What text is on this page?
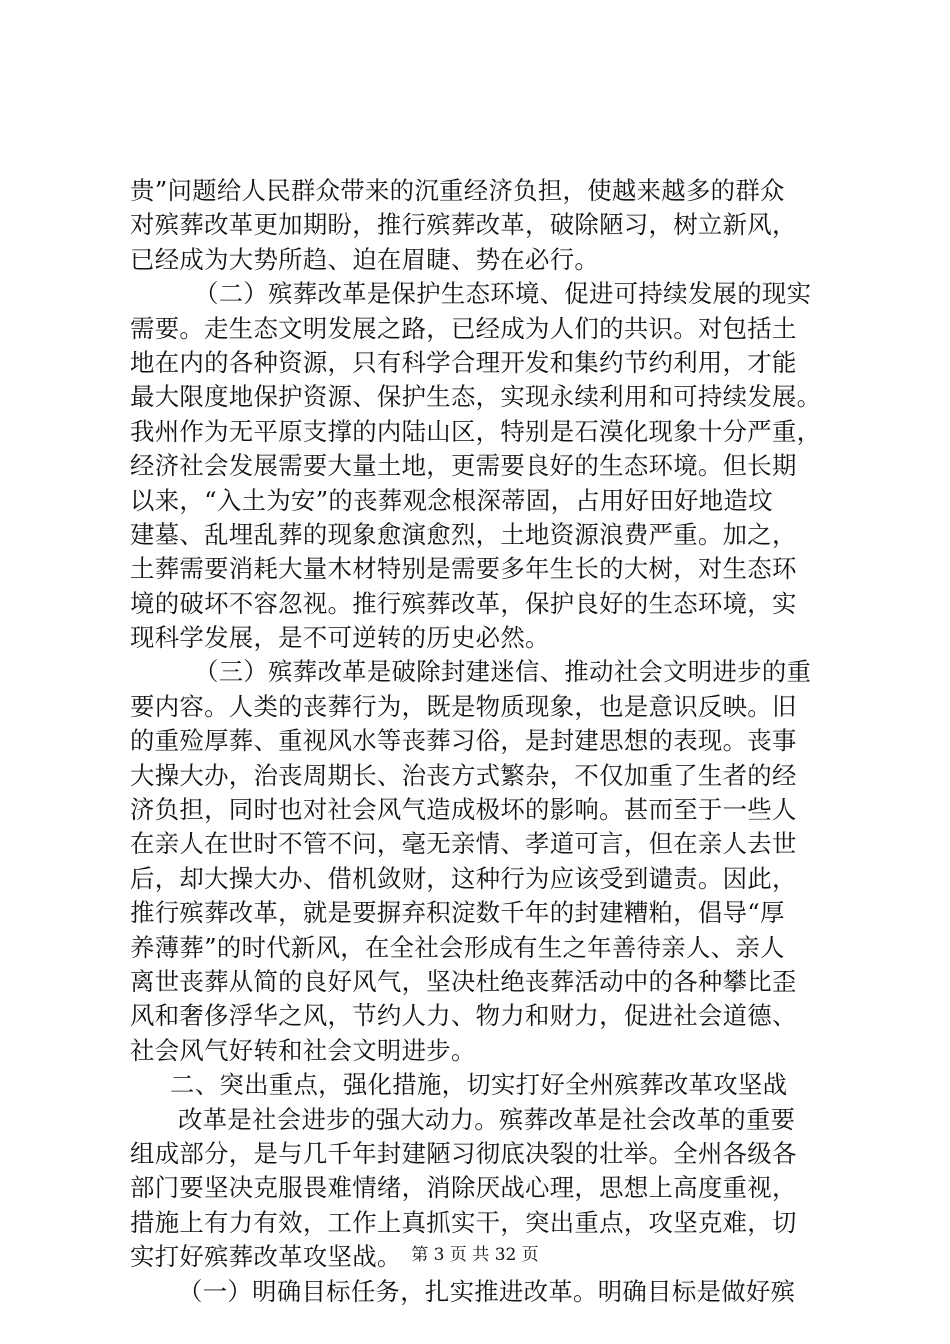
贵”问题给人民群众带来的沉重经济负担，使越来越多的群众
对殡葬改革更加期盼，推行殡葬改革，破除陋习，树立新风，
已经成为大势所趋、迫在眉睫、势在必行。
（二）殡葬改革是保护生态环境、促进可持续发展的现实
需要。走生态文明发展之路，已经成为人们的共识。对包括土
地在内的各种资源，只有科学合理开发和集约节约利用，才能
最大限度地保护资源、保护生态，实现永续利用和可持续发展。
我州作为无平原支撑的内陆山区，特别是石漠化现象十分严重，
经济社会发展需要大量土地，更需要良好的生态环境。但长期
以来，“入土为安”的丧葬观念根深蒂固，占用好田好地造坟
建墓、乱埋乱葬的现象愈演愈烈，土地资源浪费严重。加之，
土葬需要消耗大量木材特别是需要多年生长的大树，对生态环
境的破坏不容忽视。推行殡葬改革，保护良好的生态环境，实
现科学发展，是不可逆转的历史必然。
（三）殡葬改革是破除封建迷信、推动社会文明进步的重
要内容。人类的丧葬行为，既是物质现象，也是意识反映。旧
的重殓厚葬、重视风水等丧葬习俗，是封建思想的表现。丧事
大操大办，治丧周期长、治丧方式繁杂，不仅加重了生者的经
济负担，同时也对社会风气造成极坏的影响。甚而至于一些人
在亲人在世时不管不问，毫无亲情、孝道可言，但在亲人去世
后，却大操大办、借机敛财，这种行为应该受到谴责。因此，
推行殡葬改革，就是要摒弃积淀数千年的封建糟粕，倡导“厚
养薄葬”的时代新风，在全社会形成有生之年善待亲人、亲人
离世丧葬从简的良好风气，坚决杜绝丧葬活动中的各种攀比歪
风和奢侈浮华之风，节约人力、物力和财力，促进社会道德、
社会风气好转和社会文明进步。
二、突出重点，强化措施，切实打好全州殡葬改革攻坚战
改革是社会进步的强大动力。殡葬改革是社会改革的重要
组成部分，是与几千年封建陋习彻底决裂的壮举。全州各级各
部门要坚决克服畏难情绪，消除厌战心理，思想上高度重视，
措施上有力有效，工作上真抓实干，突出重点，攻坚克难，切
实打好殡葬改革攻坚战。
（一）明确目标任务，扎实推进改革。明确目标是做好殡
第 3 页 共 32 页
